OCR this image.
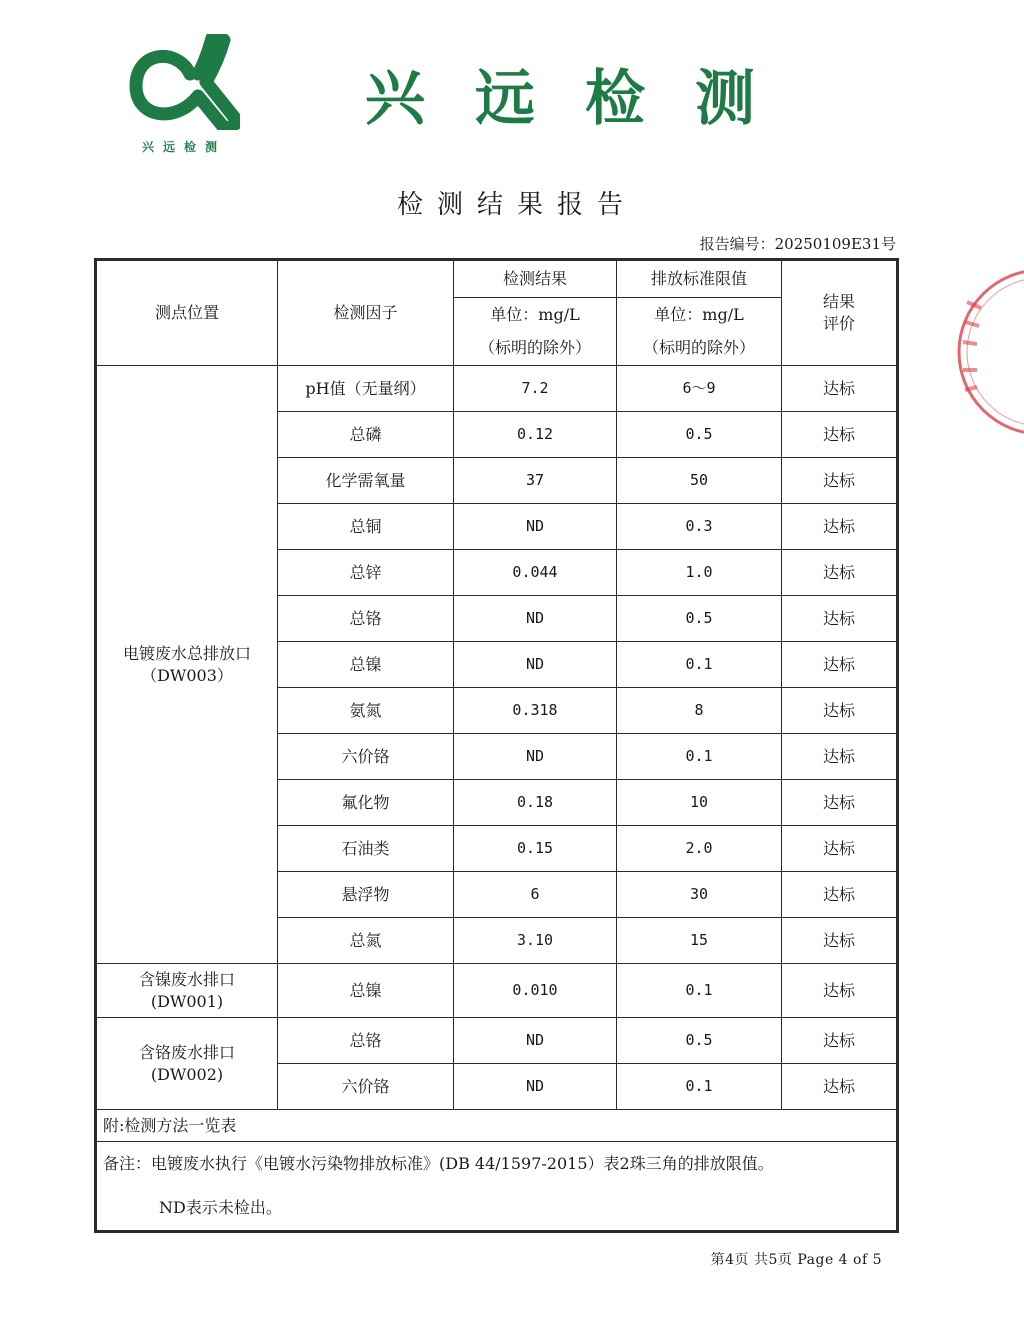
兴远检测
兴 远 检 测
检测结果报告
报告编号：20250109E31号
测点位置	检测因子	检测结果	排放标准限值	结果
评价

		单位：mg/L	单位：mg/L	
		（标明的除外）	（标明的除外）	

电镀废水总排放口
（DW003）	pH值（无量纲）	7.2	6～9	达标
	总磷	0.12	0.5	达标
	化学需氧量	37	50	达标
	总铜	ND	0.3	达标
	总锌	0.044	1.0	达标
	总铬	ND	0.5	达标
	总镍	ND	0.1	达标
	氨氮	0.318	8	达标
	六价铬	ND	0.1	达标
	氟化物	0.18	10	达标
	石油类	0.15	2.0	达标
	悬浮物	6	30	达标
	总氮	3.10	15	达标

含镍废水排口
(DW001)	总镍	0.010	0.1	达标

含铬废水排口
(DW002)	总铬	ND	0.5	达标
	六价铬	ND	0.1	达标
附:检测方法一览表				

备注：电镀废水执行《电镀水污染物排放标准》(DB 44/1597-2015）表2珠三角的排放限值。
ND表示未检出。				
第4页 共5页 Page 4 of 5
